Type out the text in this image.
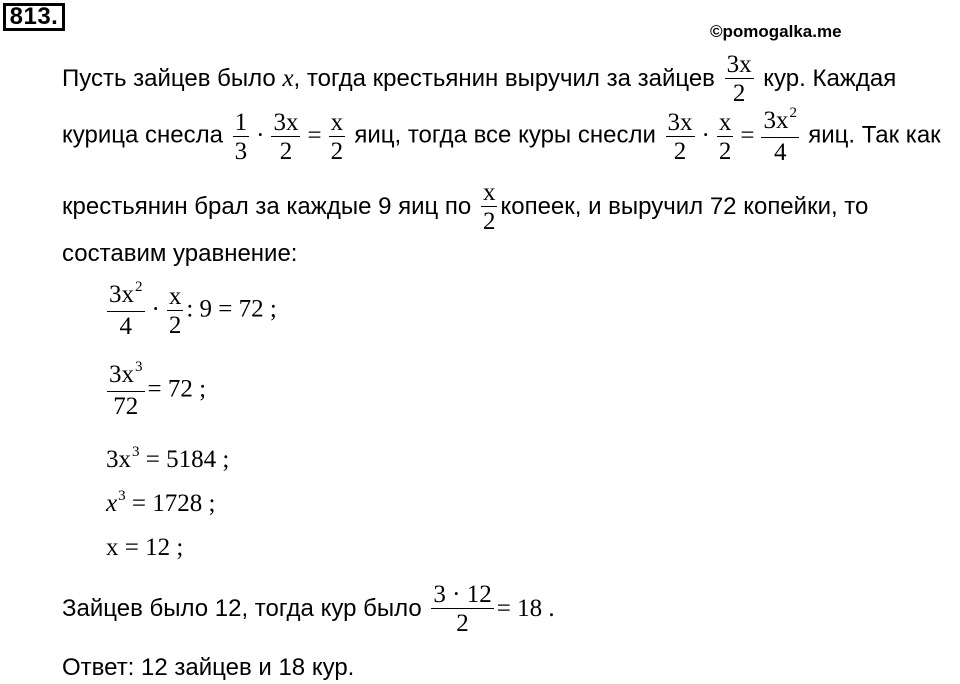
813.
©pomogalka.me
Пусть зайцев было x, тогда крестьянин выручил за зайцев $\frac{3x}{2}$ кур. Каждая
курица снесла $\frac{1}{3} \cdot \frac{3x}{2} = \frac{x}{2}$ яиц, тогда все куры снесли $\frac{3x}{2} \cdot \frac{x}{2} = \frac{3x^2}{4}$ яиц. Так как
крестьянин брал за каждые 9 яиц по $\frac{x}{2}$ копеек, и выручил 72 копейки, то
составим уравнение:
$\frac{3x^2}{4} \cdot \frac{x}{2}$ : 9 = 72 ;
$\frac{3x^3}{72} = 72$ ;
$3x^3 = 5184$ ;
$x^3 = 1728$ ;
x = 12 ;
Зайцев было 12, тогда кур было $\frac{3 \cdot 12}{2} = 18$ .
Ответ: 12 зайцев и 18 кур.
